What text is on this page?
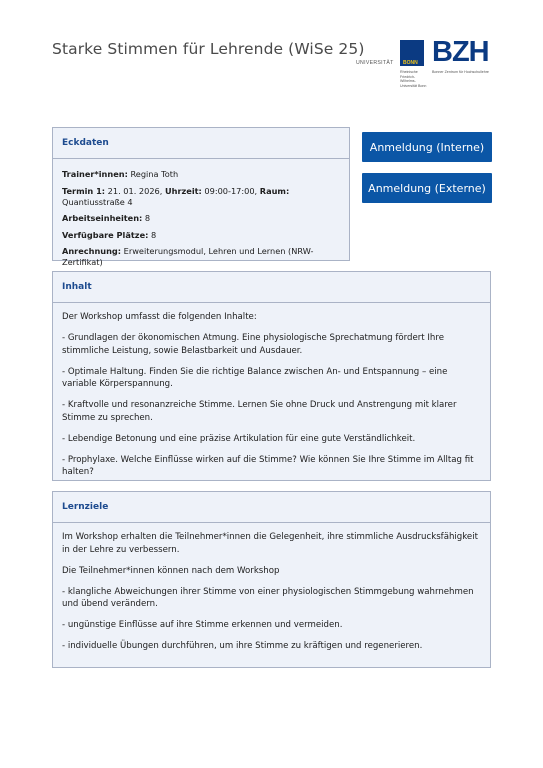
Starke Stimmen für Lehrende (WiSe 25)
UNIVERSITÄT BONN
Rheinische Friedrich-Wilhelms-Universität Bonn
BZH
Bonner Zentrum für Hochschullehre
Eckdaten
Trainer*innen: Regina Toth
Termin 1: 21. 01. 2026, Uhrzeit: 09:00-17:00, Raum: Quantiusstraße 4
Arbeitseinheiten: 8
Verfügbare Plätze: 8
Anrechnung: Erweiterungsmodul, Lehren und Lernen (NRW-Zertifikat)
Anmeldung (Interne)
Anmeldung (Externe)
Inhalt

Der Workshop umfasst die folgenden Inhalte:

- Grundlagen der ökonomischen Atmung. Eine physiologische Sprechatmung fördert Ihre stimmliche Leistung, sowie Belastbarkeit und Ausdauer.

- Optimale Haltung. Finden Sie die richtige Balance zwischen An- und Entspannung – eine variable Körperspannung.

- Kraftvolle und resonanzreiche Stimme. Lernen Sie ohne Druck und Anstrengung mit klarer Stimme zu sprechen.

- Lebendige Betonung und eine präzise Artikulation für eine gute Verständlichkeit.

- Prophylaxe. Welche Einflüsse wirken auf die Stimme? Wie können Sie Ihre Stimme im Alltag fit halten?

Lernziele

Im Workshop erhalten die Teilnehmer*innen die Gelegenheit, ihre stimmliche Ausdrucksfähigkeit in der Lehre zu verbessern.

Die Teilnehmer*innen können nach dem Workshop

- klangliche Abweichungen ihrer Stimme von einer physiologischen Stimmgebung wahrnehmen und übend verändern.

- ungünstige Einflüsse auf ihre Stimme erkennen und vermeiden.

- individuelle Übungen durchführen, um ihre Stimme zu kräftigen und regenerieren.
